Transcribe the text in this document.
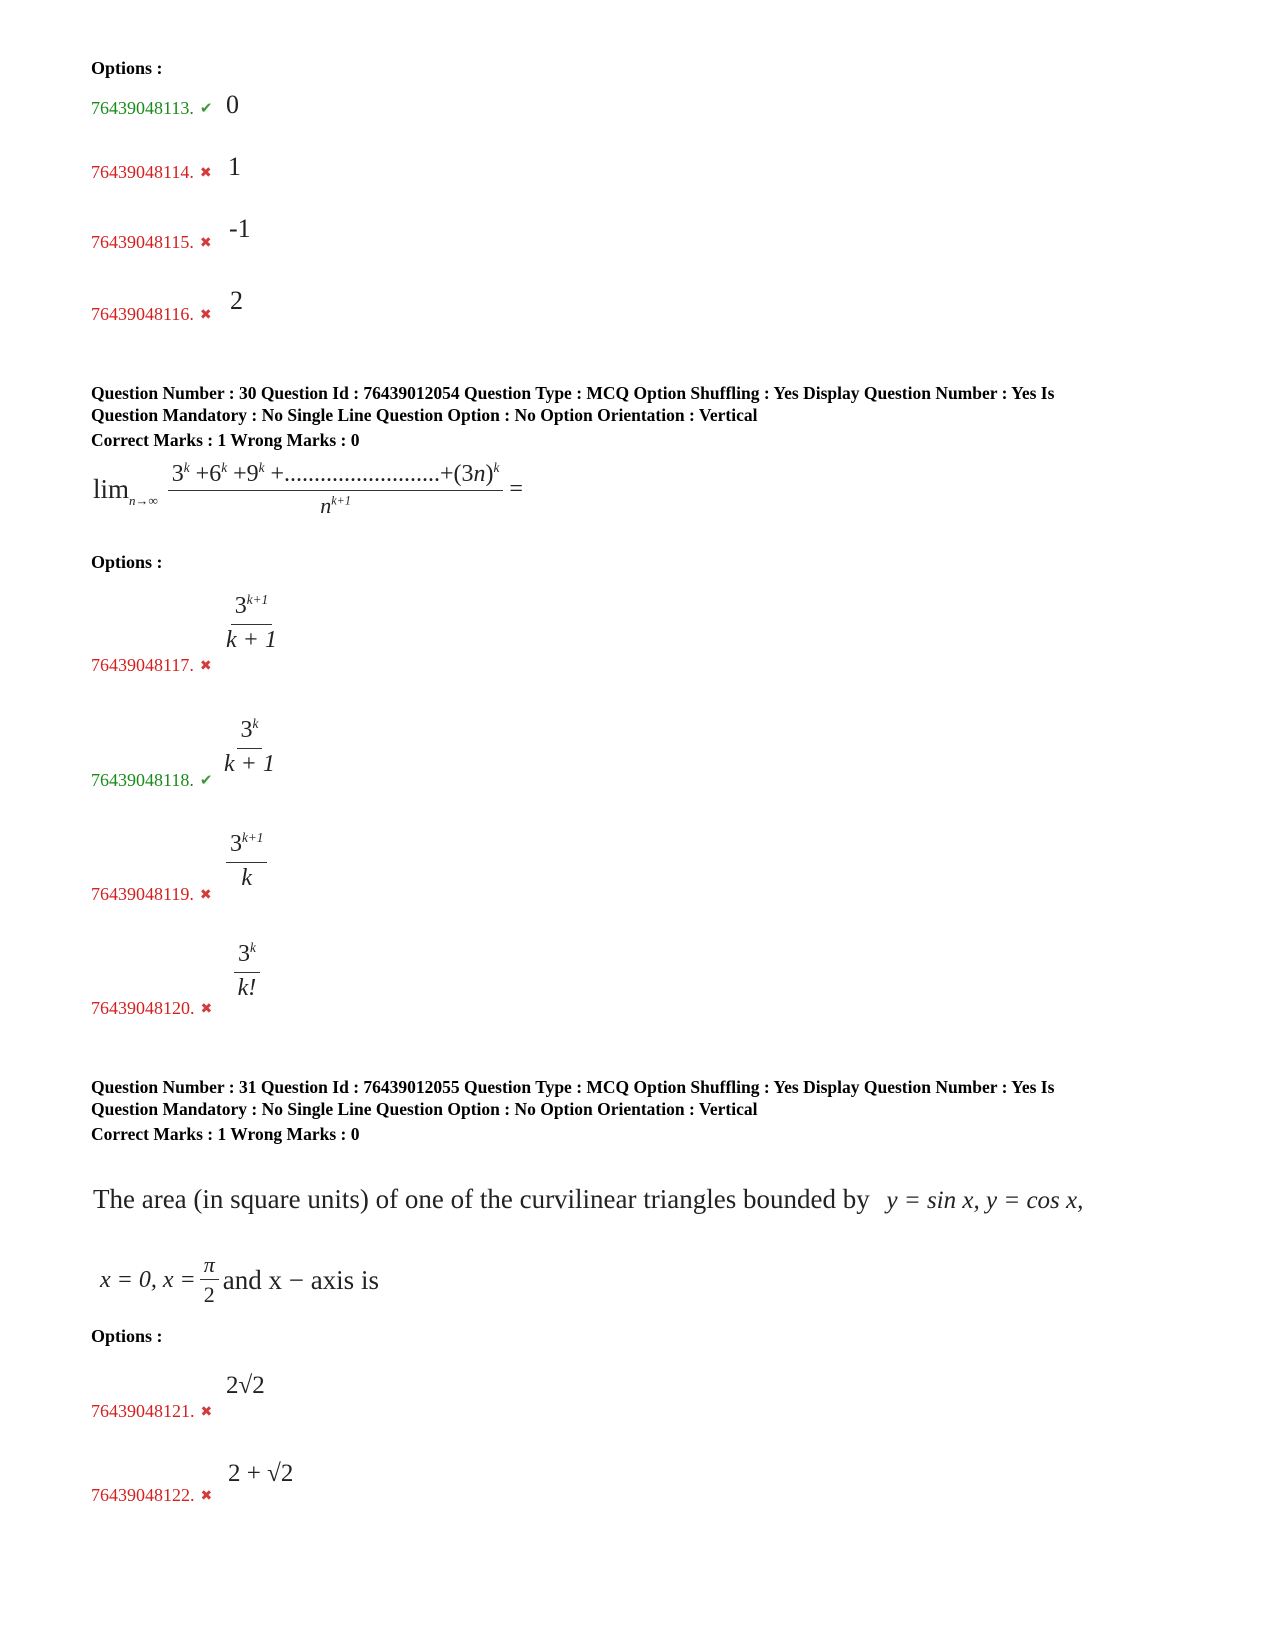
Options :
76439048113. ✔ 0
76439048114. ✖ 1
76439048115. ✖ -1
76439048116. ✖ 2
Question Number : 30 Question Id : 76439012054 Question Type : MCQ Option Shuffling : Yes Display Question Number : Yes Is
Question Mandatory : No Single Line Question Option : No Option Orientation : Vertical
Correct Marks : 1 Wrong Marks : 0
$\lim_{n\to\infty} \frac{3^k +6^k +9^k +..........................+(3n)^k}{n^{k+1}}$ =
Options :
$\frac{3^{k+1}}{k + 1}$
76439048117. ✖
$\frac{3^k}{k + 1}$
76439048118. ✔
$\frac{3^{k+1}}{k}$
76439048119. ✖
$\frac{3^k}{k!}$
76439048120. ✖
Question Number : 31 Question Id : 76439012055 Question Type : MCQ Option Shuffling : Yes Display Question Number : Yes Is
Question Mandatory : No Single Line Question Option : No Option Orientation : Vertical
Correct Marks : 1 Wrong Marks : 0
The area (in square units) of one of the curvilinear triangles bounded by y = sin x, y = cos x,
x = 0, $x = \frac{\pi}{2}$ and x − axis is
Options :
2√2
76439048121. ✖
2 + √2
76439048122. ✖
